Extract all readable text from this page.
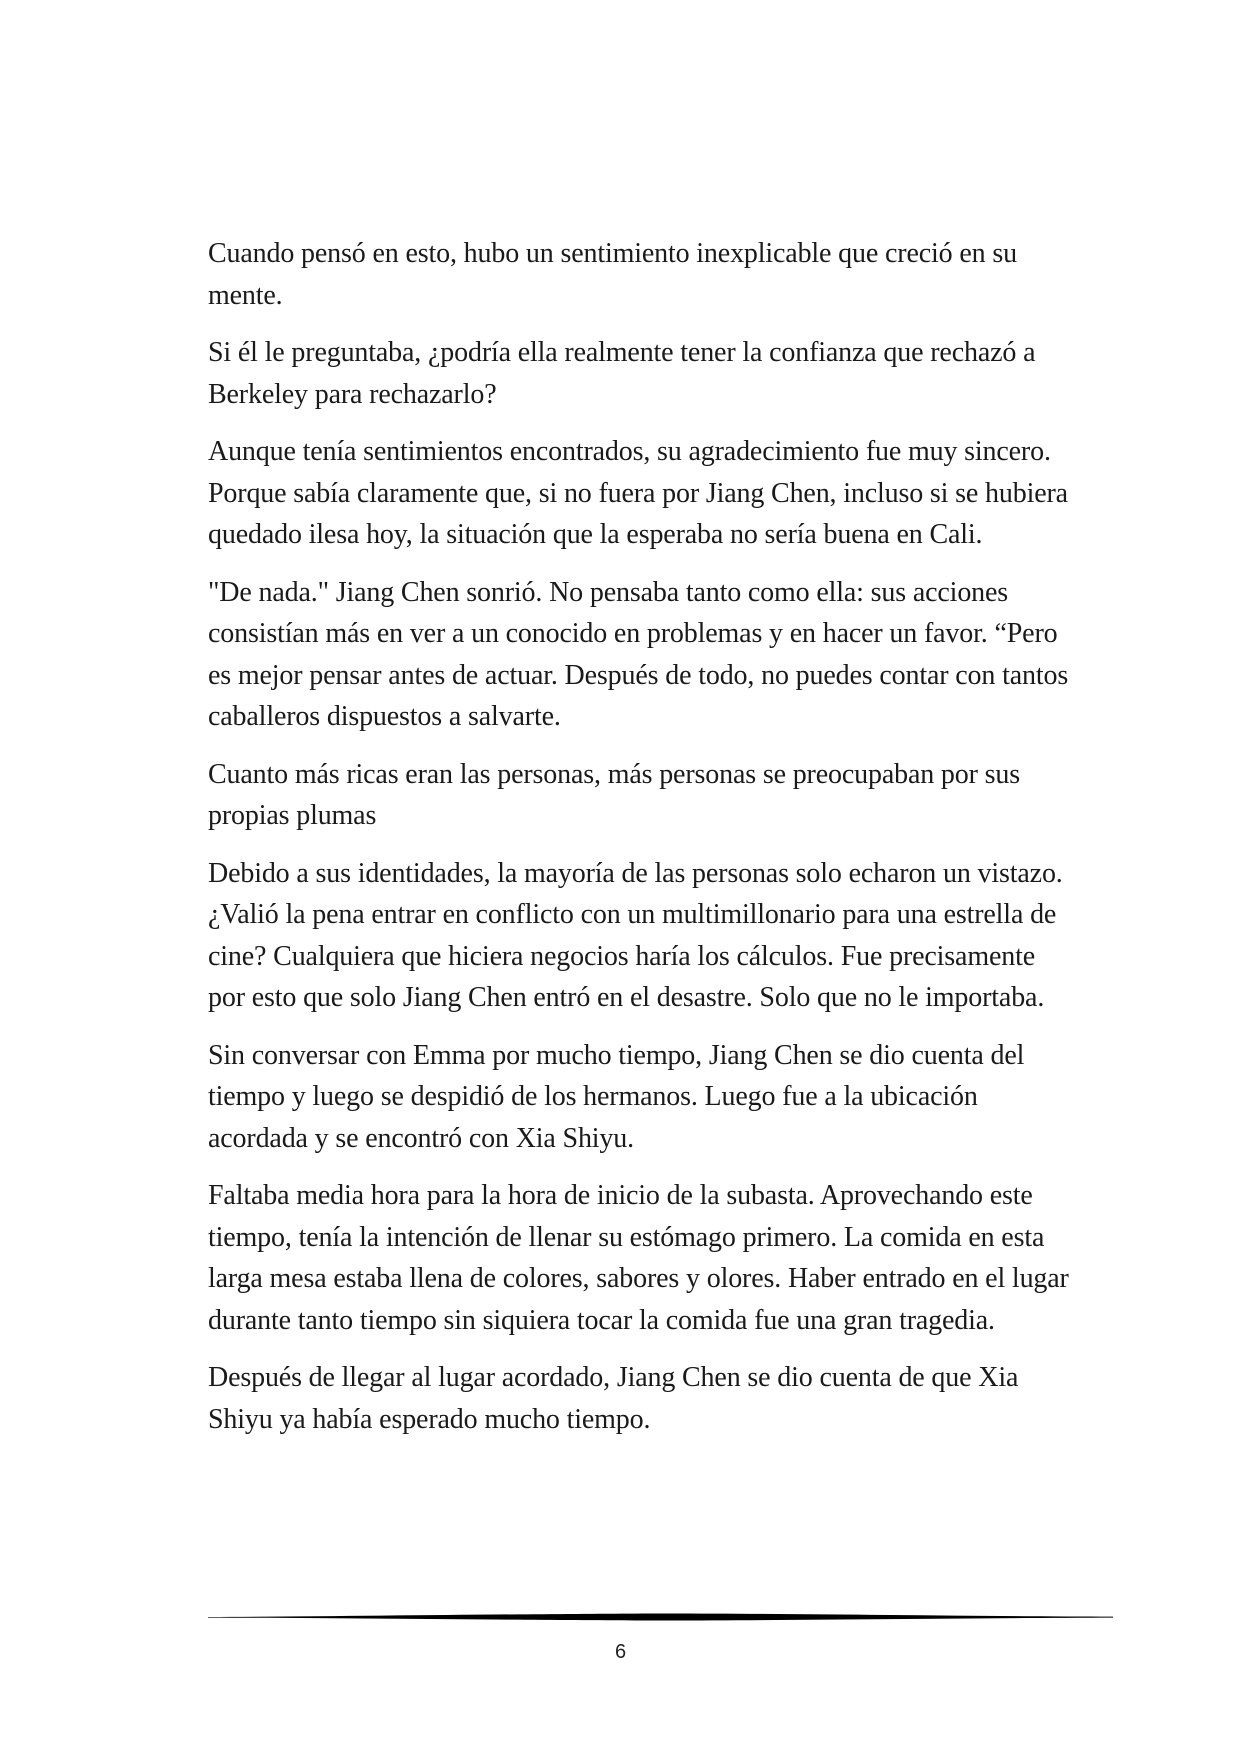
Cuando pensó en esto, hubo un sentimiento inexplicable que creció en su mente.

Si él le preguntaba, ¿podría ella realmente tener la confianza que rechazó a Berkeley para rechazarlo?

Aunque tenía sentimientos encontrados, su agradecimiento fue muy sincero. Porque sabía claramente que, si no fuera por Jiang Chen, incluso si se hubiera quedado ilesa hoy, la situación que la esperaba no sería buena en Cali.

"De nada." Jiang Chen sonrió. No pensaba tanto como ella: sus acciones consistían más en ver a un conocido en problemas y en hacer un favor. “Pero es mejor pensar antes de actuar. Después de todo, no puedes contar con tantos caballeros dispuestos a salvarte.

Cuanto más ricas eran las personas, más personas se preocupaban por sus propias plumas

Debido a sus identidades, la mayoría de las personas solo echaron un vistazo. ¿Valió la pena entrar en conflicto con un multimillonario para una estrella de cine? Cualquiera que hiciera negocios haría los cálculos. Fue precisamente por esto que solo Jiang Chen entró en el desastre. Solo que no le importaba.

Sin conversar con Emma por mucho tiempo, Jiang Chen se dio cuenta del tiempo y luego se despidió de los hermanos. Luego fue a la ubicación acordada y se encontró con Xia Shiyu.

Faltaba media hora para la hora de inicio de la subasta. Aprovechando este tiempo, tenía la intención de llenar su estómago primero. La comida en esta larga mesa estaba llena de colores, sabores y olores. Haber entrado en el lugar durante tanto tiempo sin siquiera tocar la comida fue una gran tragedia.

Después de llegar al lugar acordado, Jiang Chen se dio cuenta de que Xia Shiyu ya había esperado mucho tiempo.

6
